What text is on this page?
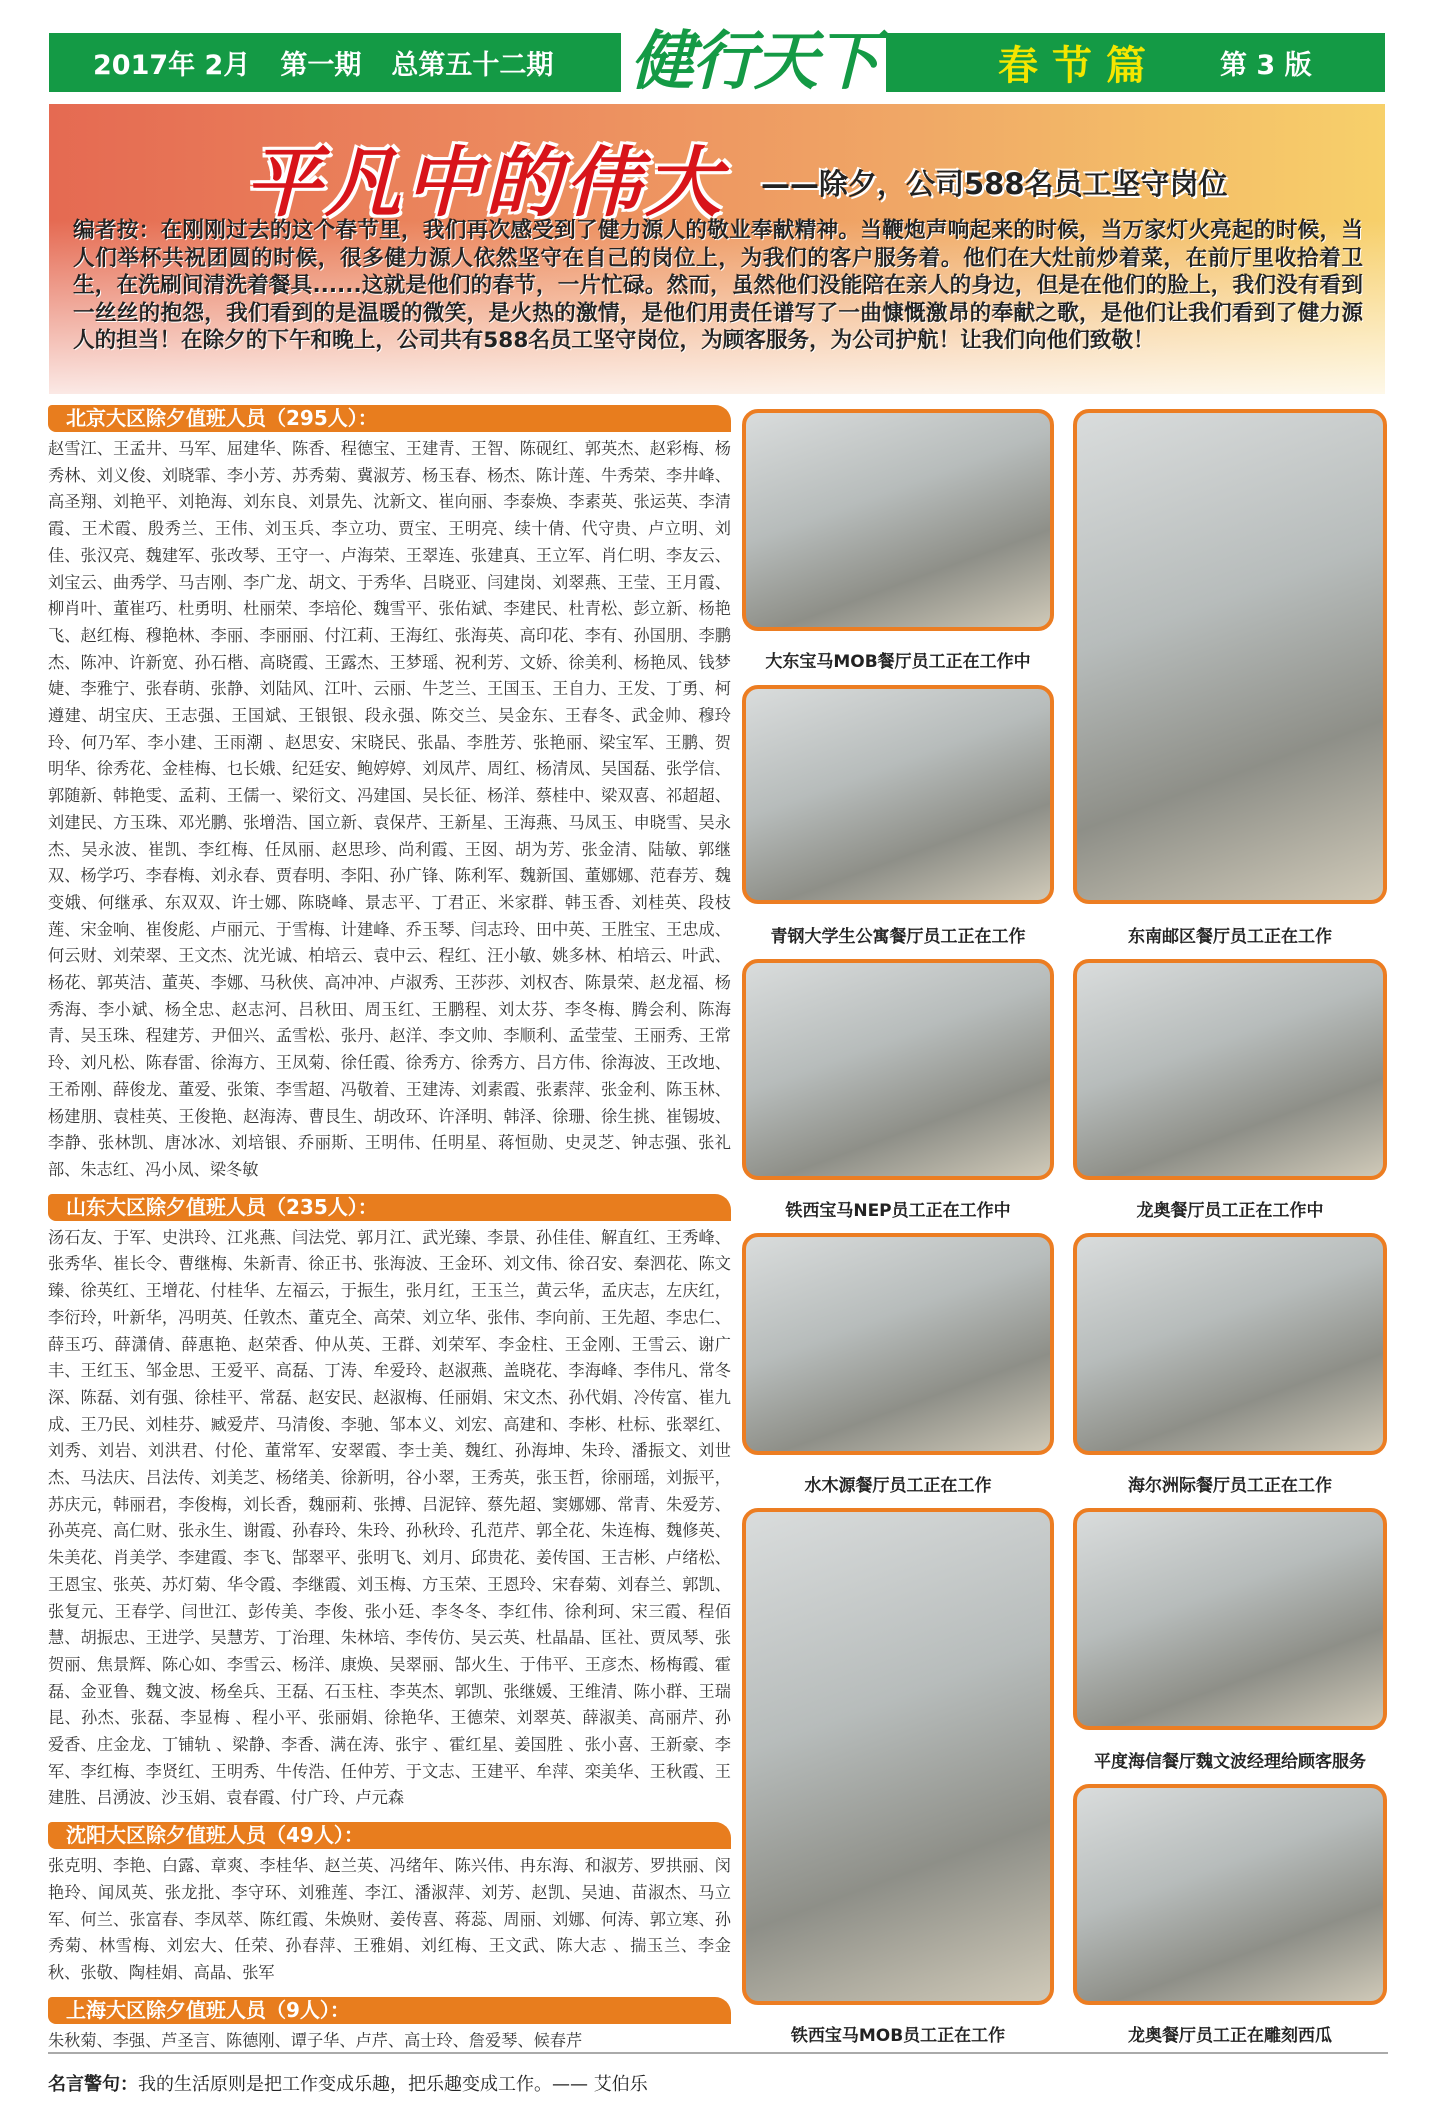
2017年 2月 第一期 总第五十二期	春节篇 第 3 版
健行天下
平凡中的伟大 ——除夕，公司588名员工坚守岗位
编者按：在刚刚过去的这个春节里，我们再次感受到了健力源人的敬业奉献精神。当鞭炮声响起来的时候，当万家灯火亮起的时候，当人们举杯共祝团圆的时候，很多健力源人依然坚守在自己的岗位上，为我们的客户服务着。他们在大灶前炒着菜，在前厅里收拾着卫生，在洗刷间清洗着餐具......这就是他们的春节，一片忙碌。然而，虽然他们没能陪在亲人的身边，但是在他们的脸上，我们没有看到一丝丝的抱怨，我们看到的是温暖的微笑，是火热的激情，是他们用责任谱写了一曲慷慨激昂的奉献之歌，是他们让我们看到了健力源人的担当！在除夕的下午和晚上，公司共有588名员工坚守岗位，为顾客服务，为公司护航！让我们向他们致敬！
北京大区除夕值班人员（295人）：
赵雪江、王孟井、马军、屈建华、陈香、程德宝、王建青、王智、陈砚红、郭英杰、赵彩梅、杨秀林、刘义俊、刘晓霏、李小芳、苏秀菊、冀淑芳、杨玉春、杨杰、陈计莲、牛秀荣、李井峰、高圣翔、刘艳平、刘艳海、刘东良、刘景先、沈新文、崔向丽、李泰焕、李素英、张运英、李清霞、王术霞、殷秀兰、王伟、刘玉兵、李立功、贾宝、王明亮、续十倩、代守贵、卢立明、刘佳、张汉亮、魏建军、张改琴、王守一、卢海荣、王翠连、张建真、王立军、肖仁明、李友云、刘宝云、曲秀学、马吉刚、李广龙、胡文、于秀华、吕晓亚、闫建岗、刘翠燕、王莹、王月霞、柳肖叶、董崔巧、杜勇明、杜丽荣、李培伦、魏雪平、张佑斌、李建民、杜青松、彭立新、杨艳飞、赵红梅、穆艳林、李丽、李丽丽、付江莉、王海红、张海英、高印花、李有、孙国朋、李鹏杰、陈冲、许新宽、孙石楷、高晓霞、王露杰、王梦瑶、祝利芳、文娇、徐美利、杨艳凤、钱梦婕、李雅宁、张春萌、张静、刘陆风、江叶、云丽、牛芝兰、王国玉、王自力、王发、丁勇、柯遵建、胡宝庆、王志强、王国斌、王银银、段永强、陈交兰、吴金东、王春冬、武金帅、穆玲玲、何乃军、李小建、王雨潮 、赵思安、宋晓民、张晶、李胜芳、张艳丽、梁宝军、王鹏、贺明华、徐秀花、金桂梅、乜长娥、纪廷安、鲍婷婷、刘凤芹、周红、杨清凤、吴国磊、张学信、郭随新、韩艳雯、孟莉、王儒一、梁衍文、冯建国、吴长征、杨洋、蔡桂中、梁双喜、祁超超、刘建民、方玉珠、邓光鹏、张增浩、国立新、袁保芹、王新星、王海燕、马凤玉、申晓雪、吴永杰、吴永波、崔凯、李红梅、任凤丽、赵思珍、尚利霞、王囡、胡为芳、张金清、陆敏、郭继双、杨学巧、李春梅、刘永春、贾春明、李阳、孙广锋、陈利军、魏新国、董娜娜、范春芳、魏变娥、何继承、东双双、许士娜、陈晓峰、景志平、丁君正、米家群、韩玉香、刘桂英、段枝莲、宋金响、崔俊彪、卢丽元、于雪梅、计建峰、乔玉琴、闫志玲、田中英、王胜宝、王忠成、何云财、刘荣翠、王文杰、沈光诚、柏培云、袁中云、程红、汪小敏、姚多林、柏培云、叶武、杨花、郭英洁、董英、李娜、马秋侠、高冲冲、卢淑秀、王莎莎、刘权杏、陈景荣、赵龙福、杨秀海、李小斌、杨全忠、赵志河、吕秋田、周玉红、王鹏程、刘太芬、李冬梅、腾会利、陈海青、吴玉珠、程建芳、尹佃兴、孟雪松、张丹、赵洋、李文帅、李顺利、孟莹莹、王丽秀、王常玲、刘凡松、陈春雷、徐海方、王凤菊、徐任霞、徐秀方、徐秀方、吕方伟、徐海波、王改地、王希刚、薛俊龙、董爱、张策、李雪超、冯敬着、王建涛、刘素霞、张素萍、张金利、陈玉林、杨建朋、袁桂英、王俊艳、赵海涛、曹艮生、胡改环、许泽明、韩泽、徐珊、徐生挑、崔锡坡、李静、张林凯、唐冰冰、刘培银、乔丽斯、王明伟、任明星、蒋恒勋、史灵芝、钟志强、张礼部、朱志红、冯小凤、梁冬敏
山东大区除夕值班人员（235人）：
汤石友、于军、史洪玲、江兆燕、闫法党、郭月江、武光臻、李景、孙佳佳、解直红、王秀峰、张秀华、崔长令、曹继梅、朱新青、徐正书、张海波、王金环、刘文伟、徐召安、秦泗花、陈文臻、徐英红、王增花、付桂华、左福云，于振生，张月红，王玉兰，黄云华，孟庆志，左庆红，李衍玲，叶新华，冯明英、任敦杰、董克全、高荣、刘立华、张伟、李向前、王先超、李忠仁、薛玉巧、薛潇倩、薛惠艳、赵荣香、仲从英、王群、刘荣军、李金柱、王金刚、王雪云、谢广丰、王红玉、邹金思、王爱平、高磊、丁涛、牟爱玲、赵淑燕、盖晓花、李海峰、李伟凡、常冬深、陈磊、刘有强、徐桂平、常磊、赵安民、赵淑梅、任丽娟、宋文杰、孙代娟、冷传富、崔九成、王乃民、刘桂芬、臧爱芹、马清俊、李驰、邹本义、刘宏、高建和、李彬、杜标、张翠红、刘秀、刘岩、刘洪君、付伦、董常军、安翠霞、李士美、魏红、孙海坤、朱玲、潘振文、刘世杰、马法庆、吕法传、刘美芝、杨绪美、徐新明，谷小翠，王秀英，张玉哲，徐丽瑶，刘振平，苏庆元，韩丽君，李俊梅，刘长香，魏丽莉、张搏、吕泥锌、蔡先超、窦娜娜、常青、朱爱芳、孙英亮、高仁财、张永生、谢霞、孙春玲、朱玲、孙秋玲、孔范芹、郭全花、朱连梅、魏修英、朱美花、肖美学、李建霞、李飞、郜翠平、张明飞、刘月、邱贵花、姜传国、王吉彬、卢绪松、王恩宝、张英、苏灯菊、华令霞、李继霞、刘玉梅、方玉荣、王恩玲、宋春菊、刘春兰、郭凯、张复元、王春学、闫世江、彭传美、李俊、张小廷、李冬冬、李红伟、徐利珂、宋三霞、程佰慧、胡振忠、王进学、吴慧芳、丁治理、朱林培、李传仿、吴云英、杜晶晶、匡社、贾凤琴、张贺丽、焦景辉、陈心如、李雪云、杨洋、康焕、吴翠丽、郜火生、于伟平、王彦杰、杨梅霞、霍磊、金亚鲁、魏文波、杨垒兵、王磊、石玉柱、李英杰、郭凯、张继媛、王维清、陈小群、王瑞昆、孙杰、张磊、李显梅 、程小平、张丽娟、徐艳华、王德荣、刘翠英、薛淑美、高丽芹、孙爱香、庄金龙、丁铺轨 、梁静、李香、满在涛、张宇 、霍红星、姜国胜 、张小喜、王新豪、李军、李红梅、李贤红、王明秀、牛传浩、任仲芳、于文志、王建平、牟萍、栾美华、王秋霞、王建胜、吕湧波、沙玉娟、袁春霞、付广玲、卢元森
沈阳大区除夕值班人员（49人）：
张克明、李艳、白露、章爽、李桂华、赵兰英、冯绪年、陈兴伟、冉东海、和淑芳、罗拱丽、闵艳玲、闻凤英、张龙批、李守环、刘雅莲、李江、潘淑萍、刘芳、赵凯、吴迪、苗淑杰、马立军、何兰、张富春、李凤萃、陈红霞、朱焕财、姜传喜、蒋蕊、周丽、刘娜、何涛、郭立寒、孙秀菊、林雪梅、刘宏大、任荣、孙春萍、王雅娟、刘红梅、王文武、陈大志 、揣玉兰、李金秋、张敬、陶桂娟、高晶、张军
上海大区除夕值班人员（9人）：
朱秋菊、李强、芦圣言、陈德刚、谭子华、卢芹、高士玲、詹爱琴、候春芹
大东宝马MOB餐厅员工正在工作中
东南邮区餐厅员工正在工作
青钢大学生公寓餐厅员工正在工作
铁西宝马NEP员工正在工作中	龙奥餐厅员工正在工作中
水木源餐厅员工正在工作	海尔洲际餐厅员工正在工作
铁西宝马MOB员工正在工作
平度海信餐厅魏文波经理给顾客服务
龙奥餐厅员工正在雕刻西瓜
名言警句：我的生活原则是把工作变成乐趣，把乐趣变成工作。—— 艾伯乐
